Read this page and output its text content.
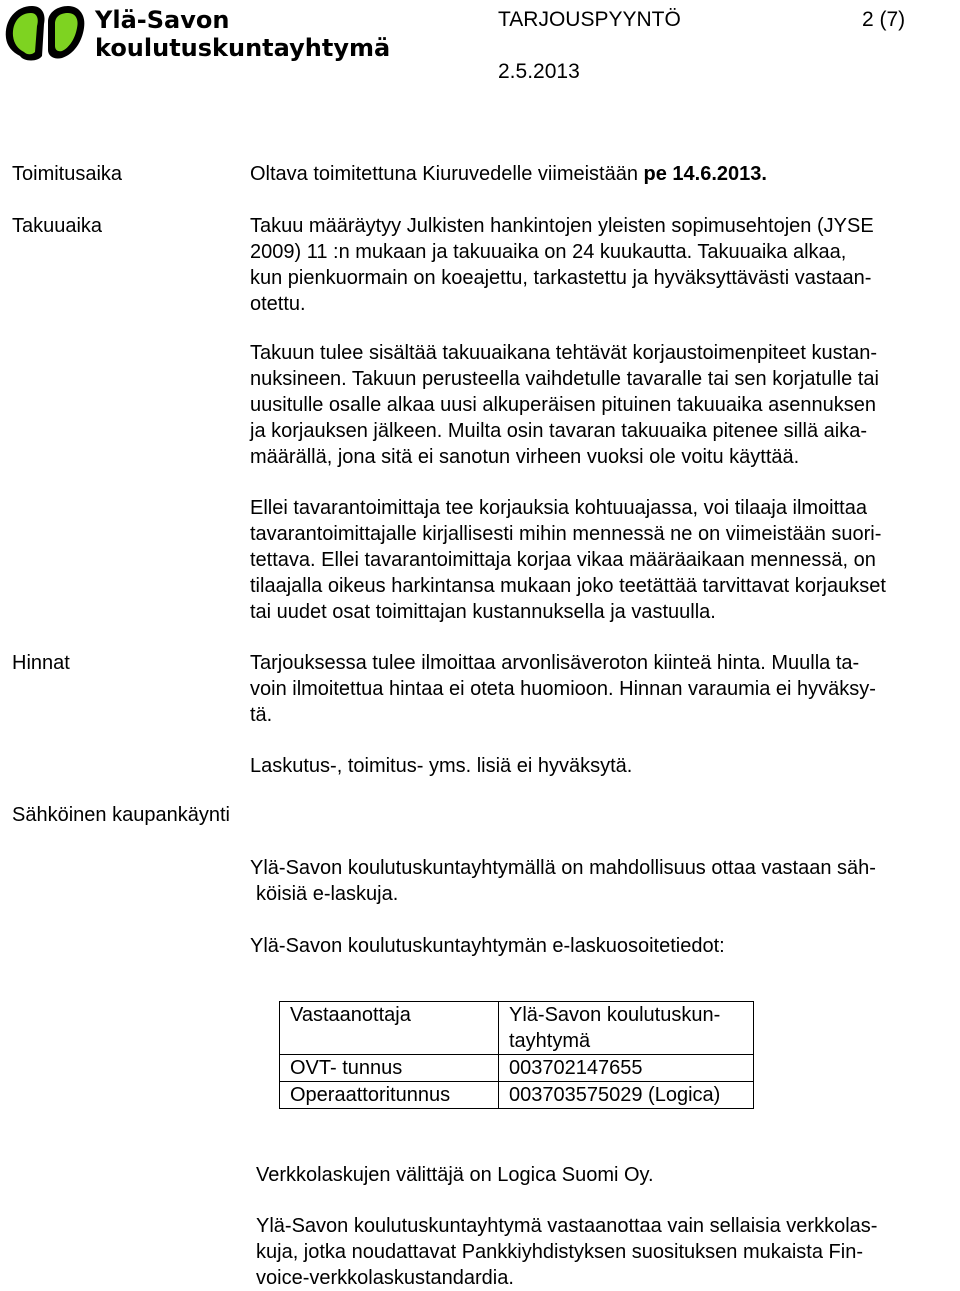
Ylä-Savon
koulutuskuntayhtymä
TARJOUSPYYNTÖ	2 (7)
2.5.2013
Toimitusaika	Oltava toimitettuna Kiuruvedelle viimeistään pe 14.6.2013.
Takuuaika	Takuu määräytyy Julkisten hankintojen yleisten sopimusehtojen (JYSE
2009) 11 :n mukaan ja takuuaika on 24 kuukautta. Takuuaika alkaa,
kun pienkuormain on koeajettu, tarkastettu ja hyväksyttävästi vastaan-
otettu.
Takuun tulee sisältää takuuaikana tehtävät korjaustoimenpiteet kustan-
nuksineen. Takuun perusteella vaihdetulle tavaralle tai sen korjatulle tai
uusitulle osalle alkaa uusi alkuperäisen pituinen takuuaika asennuksen
ja korjauksen jälkeen. Muilta osin tavaran takuuaika pitenee sillä aika-
määrällä, jona sitä ei sanotun virheen vuoksi ole voitu käyttää.
Ellei tavarantoimittaja tee korjauksia kohtuuajassa, voi tilaaja ilmoittaa
tavarantoimittajalle kirjallisesti mihin mennessä ne on viimeistään suori-
tettava. Ellei tavarantoimittaja korjaa vikaa määräaikaan mennessä, on
tilaajalla oikeus harkintansa mukaan joko teetättää tarvittavat korjaukset
tai uudet osat toimittajan kustannuksella ja vastuulla.
Hinnat	Tarjouksessa tulee ilmoittaa arvonlisäveroton kiinteä hinta. Muulla ta-
voin ilmoitettua hintaa ei oteta huomioon. Hinnan varaumia ei hyväksy-
tä.
Laskutus-, toimitus- yms. lisiä ei hyväksytä.
Sähköinen kaupankäynti
Ylä-Savon koulutuskuntayhtymällä on mahdollisuus ottaa vastaan säh-
köisiä e-laskuja.
Ylä-Savon koulutuskuntayhtymän e-laskuosoitetiedot:
Vastaanottaja	Ylä-Savon koulutuskun-
tayhtymä

OVT- tunnus	003702147655
Operaattoritunnus	003703575029 (Logica)
Verkkolaskujen välittäjä on Logica Suomi Oy.
Ylä-Savon koulutuskuntayhtymä vastaanottaa vain sellaisia verkkolas-
kuja, jotka noudattavat Pankkiyhdistyksen suosituksen mukaista Fin-
voice-verkkolaskustandardia.
